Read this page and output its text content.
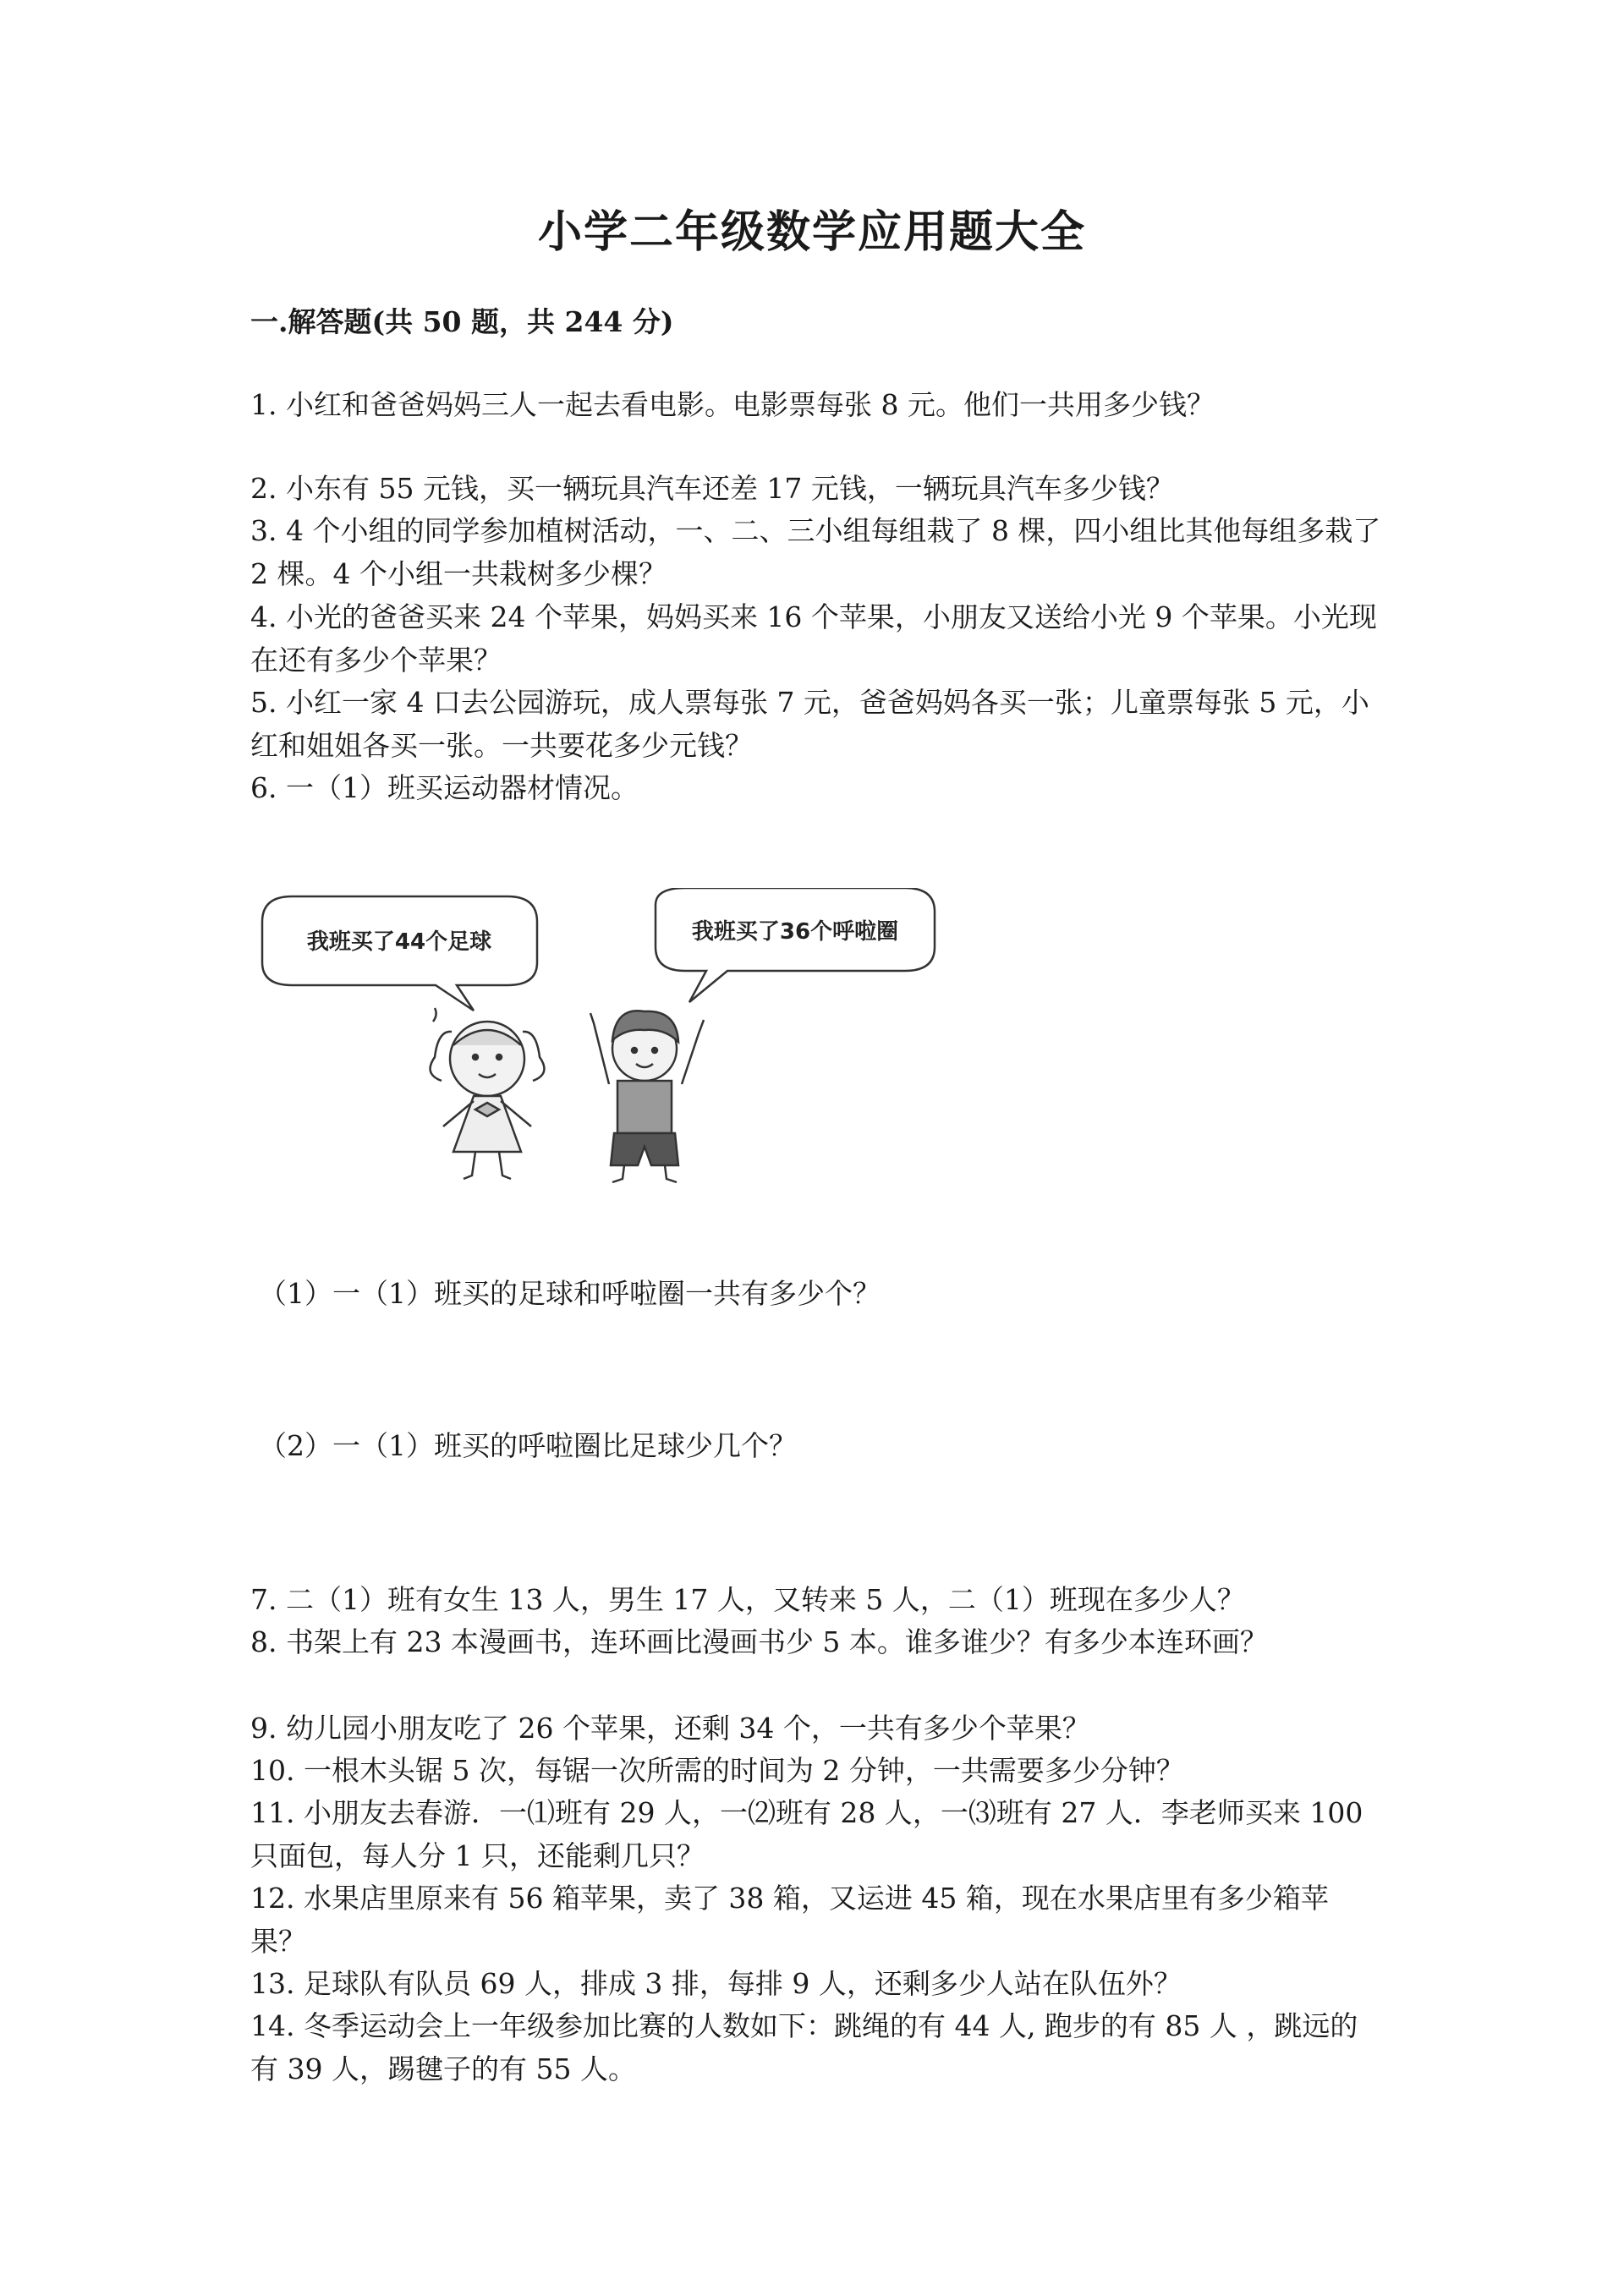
小学二年级数学应用题大全
一.解答题(共 50 题，共 244 分)

1. 小红和爸爸妈妈三人一起去看电影。电影票每张 8 元。他们一共用多少钱？

2. 小东有 55 元钱，买一辆玩具汽车还差 17 元钱，一辆玩具汽车多少钱？

3. 4 个小组的同学参加植树活动，一、二、三小组每组栽了 8 棵，四小组比其他每组多栽了 2 棵。4 个小组一共栽树多少棵？

4. 小光的爸爸买来 24 个苹果，妈妈买来 16 个苹果，小朋友又送给小光 9 个苹果。小光现在还有多少个苹果？

5. 小红一家 4 口去公园游玩，成人票每张 7 元，爸爸妈妈各买一张；儿童票每张 5 元，小红和姐姐各买一张。一共要花多少元钱？

6. 一（1）班买运动器材情况。

我班买了44个足球	我班买了36个呼啦圈

（1）一（1）班买的足球和呼啦圈一共有多少个？

（2）一（1）班买的呼啦圈比足球少几个？

7. 二（1）班有女生 13 人，男生 17 人，又转来 5 人，二（1）班现在多少人？

8. 书架上有 23 本漫画书，连环画比漫画书少 5 本。谁多谁少？有多少本连环画？

9. 幼儿园小朋友吃了 26 个苹果，还剩 34 个，一共有多少个苹果？

10. 一根木头锯 5 次，每锯一次所需的时间为 2 分钟，一共需要多少分钟？

11. 小朋友去春游．一⑴班有 29 人，一⑵班有 28 人，一⑶班有 27 人．李老师买来 100 只面包，每人分 1 只，还能剩几只？

12. 水果店里原来有 56 箱苹果，卖了 38 箱，又运进 45 箱，现在水果店里有多少箱苹果？

13. 足球队有队员 69 人，排成 3 排，每排 9 人，还剩多少人站在队伍外？

14. 冬季运动会上一年级参加比赛的人数如下：跳绳的有 44 人, 跑步的有 85 人 ，跳远的有 39 人，踢毽子的有 55 人。
